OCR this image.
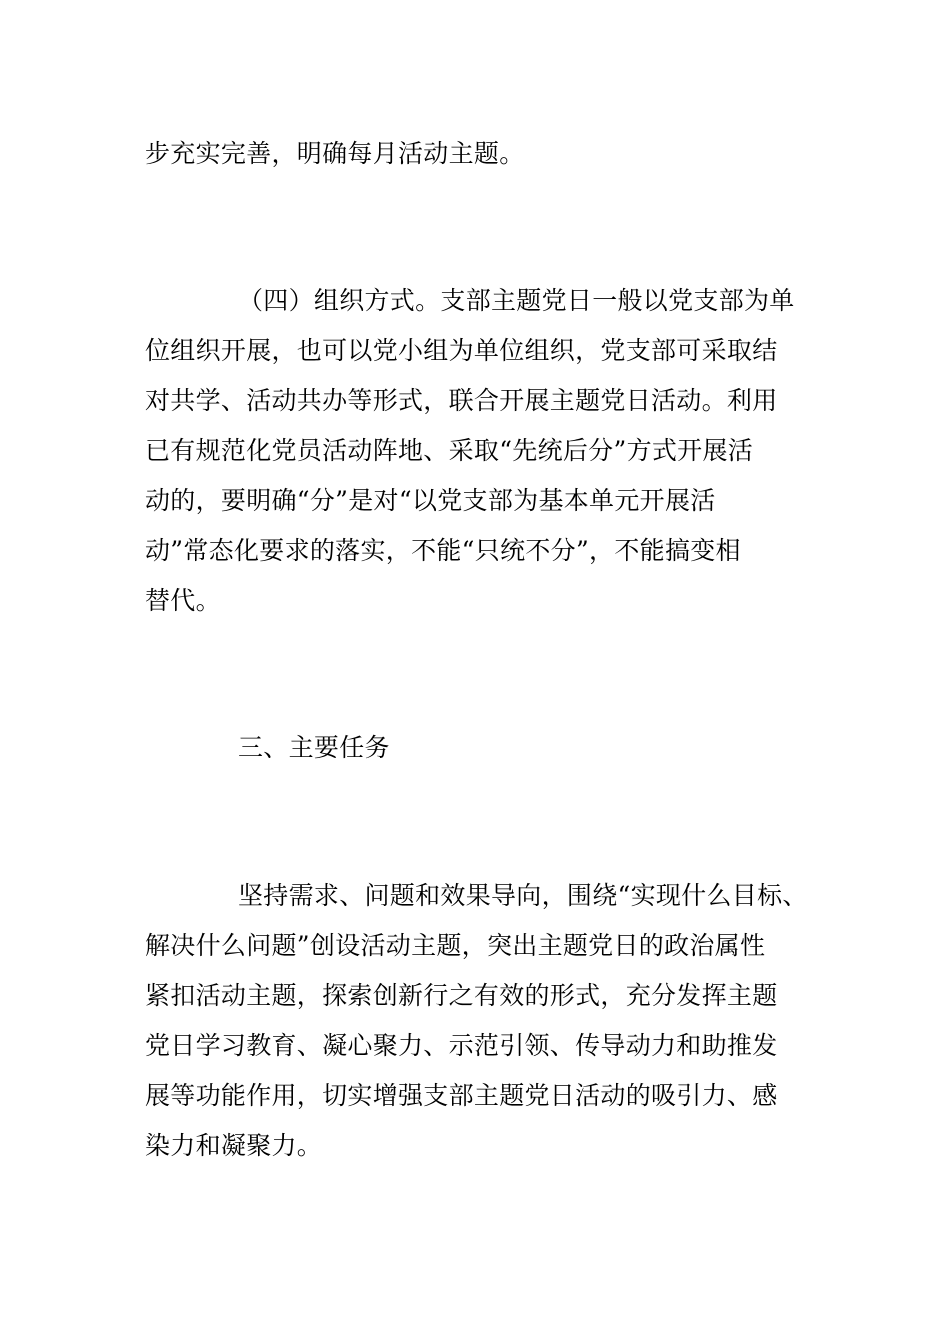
步充实完善，明确每月活动主题。
（四）组织方式。支部主题党日一般以党支部为单
位组织开展，也可以党小组为单位组织，党支部可采取结
对共学、活动共办等形式，联合开展主题党日活动。利用
已有规范化党员活动阵地、采取“先统后分”方式开展活
动的，要明确“分”是对“以党支部为基本单元开展活
动”常态化要求的落实，不能“只统不分”，不能搞变相
替代。
三、主要任务
坚持需求、问题和效果导向，围绕“实现什么目标、
解决什么问题”创设活动主题，突出主题党日的政治属性
紧扣活动主题，探索创新行之有效的形式，充分发挥主题
党日学习教育、凝心聚力、示范引领、传导动力和助推发
展等功能作用，切实增强支部主题党日活动的吸引力、感
染力和凝聚力。
